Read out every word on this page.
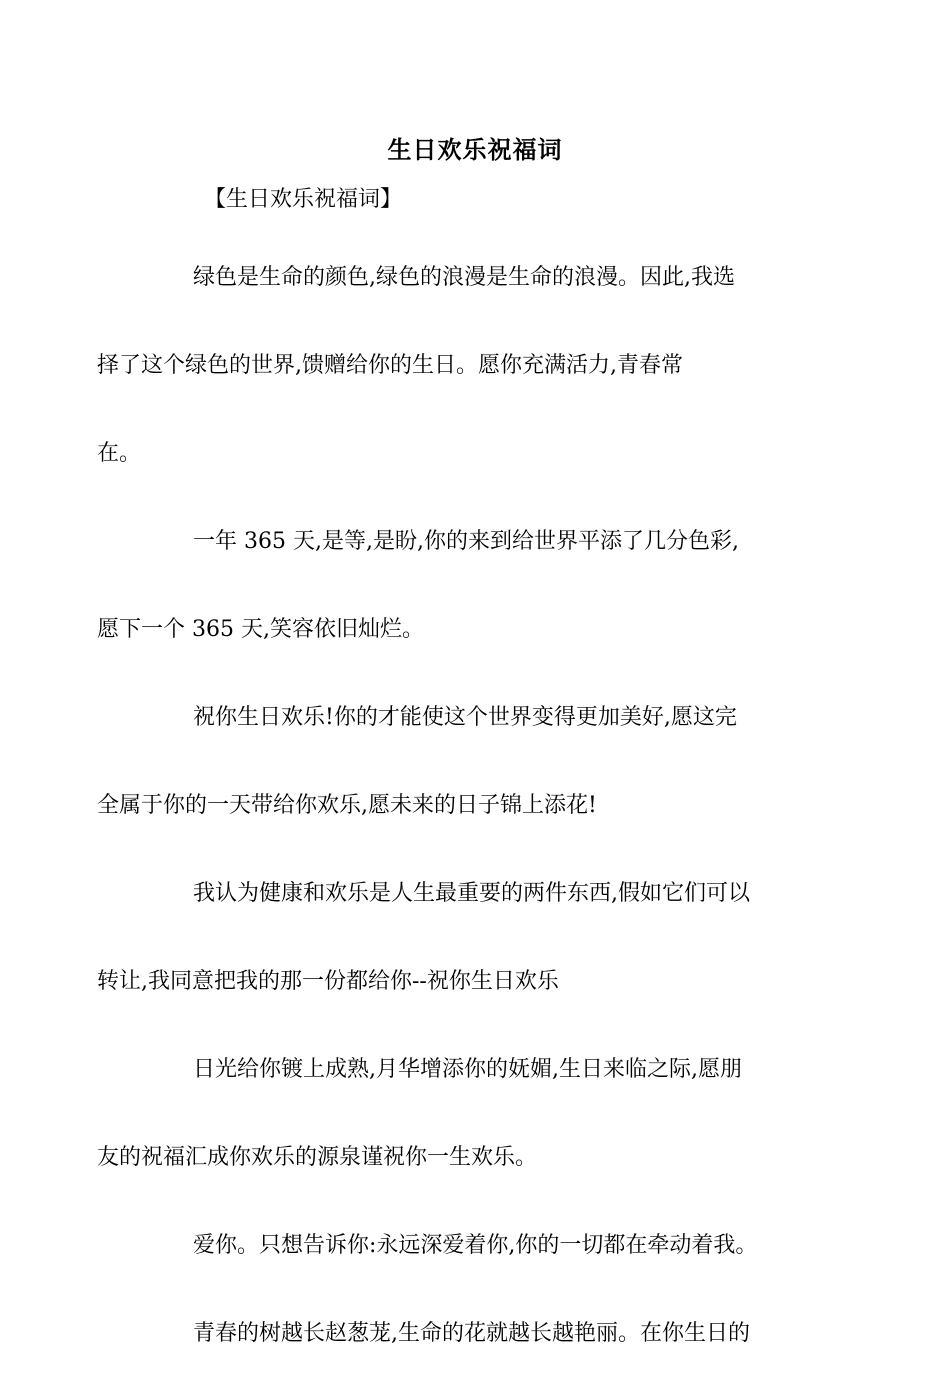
生日欢乐祝福词
【生日欢乐祝福词】

绿色是生命的颜色,绿色的浪漫是生命的浪漫。因此,我选
择了这个绿色的世界,馈赠给你的生日。愿你充满活力,青春常
在。

一年 365 天,是等,是盼,你的来到给世界平添了几分色彩,
愿下一个 365 天,笑容依旧灿烂。

祝你生日欢乐!你的才能使这个世界变得更加美好,愿这完
全属于你的一天带给你欢乐,愿未来的日子锦上添花!

我认为健康和欢乐是人生最重要的两件东西,假如它们可以
转让,我同意把我的那一份都给你--祝你生日欢乐

日光给你镀上成熟,月华增添你的妩媚,生日来临之际,愿朋
友的祝福汇成你欢乐的源泉谨祝你一生欢乐。

爱你。只想告诉你:永远深爱着你,你的一切都在牵动着我。

青春的树越长赵葱茏,生命的花就越长越艳丽。在你生日的
